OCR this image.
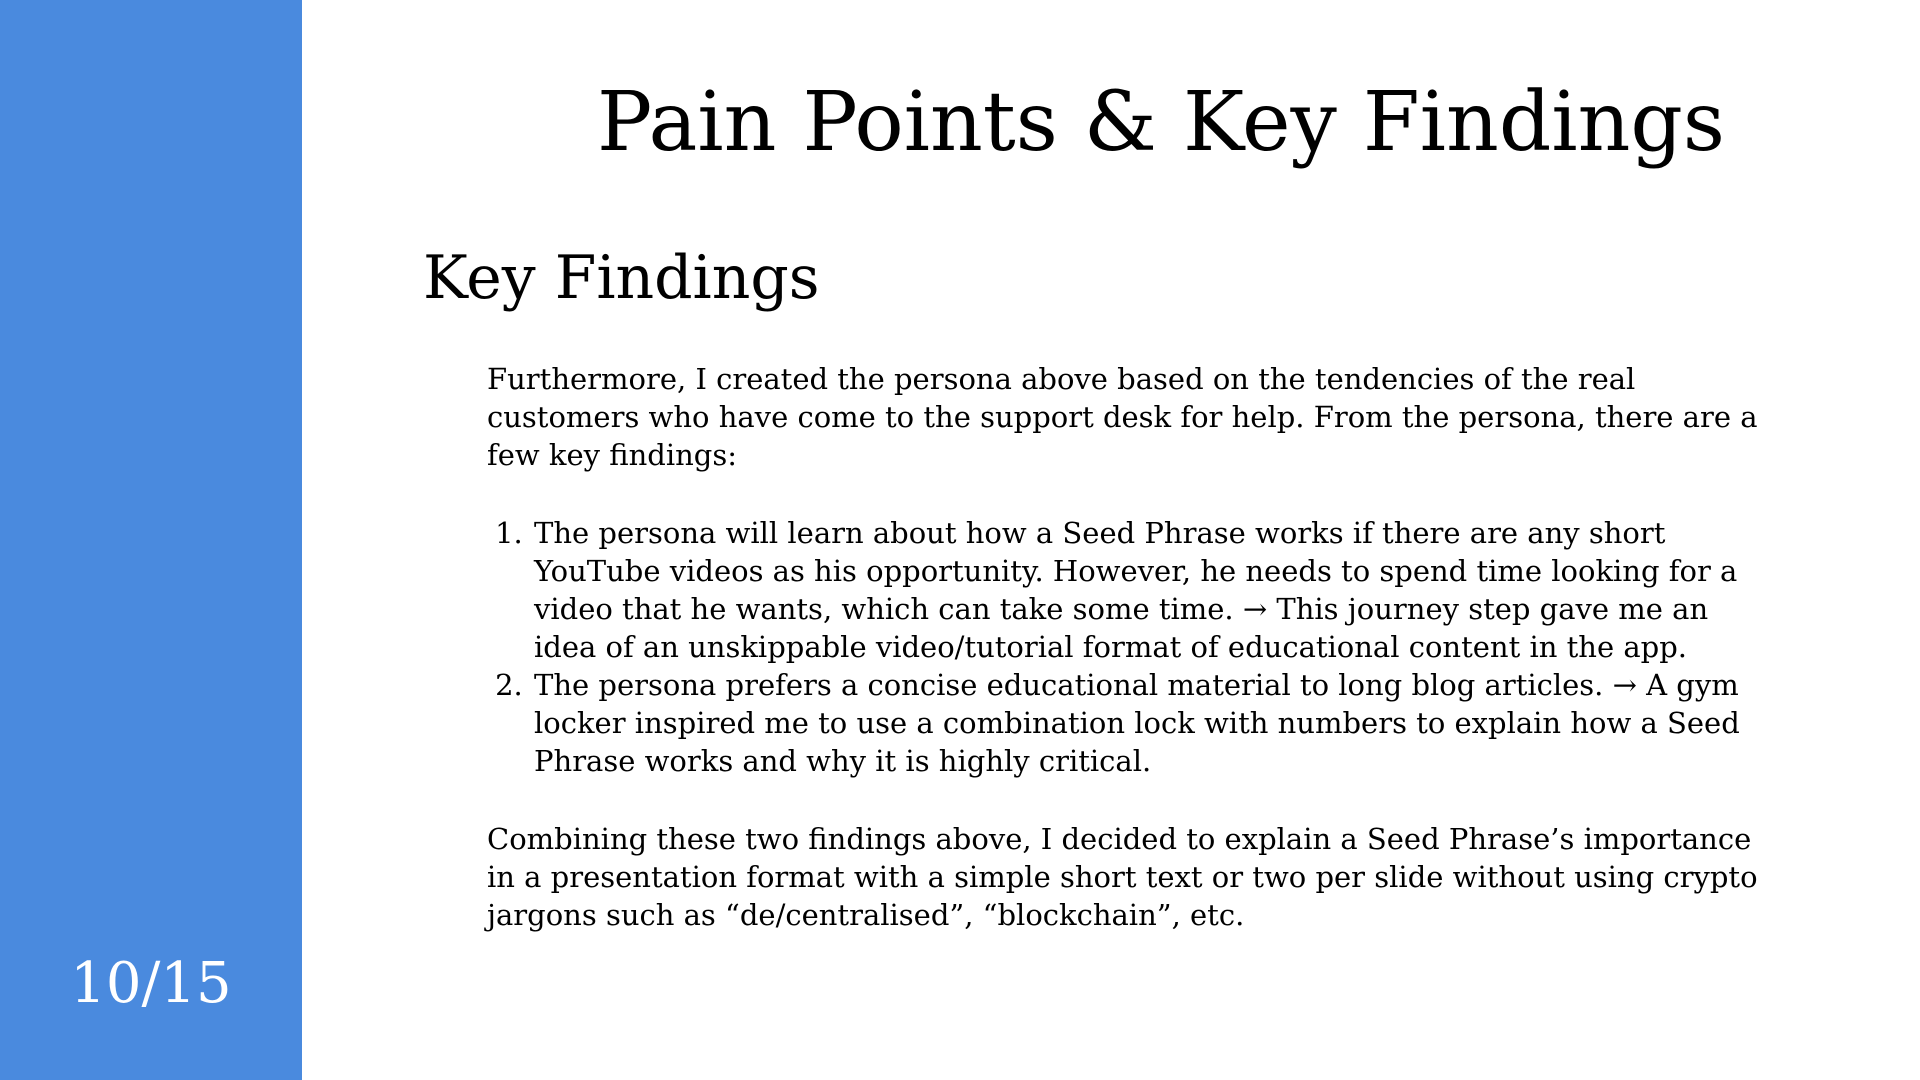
10/15
Pain Points & Key Findings
Key Findings

Furthermore, I created the persona above based on the tendencies of the real customers who have come to the support desk for help. From the persona, there are a few key findings:

1. The persona will learn about how a Seed Phrase works if there are any short YouTube videos as his opportunity. However, he needs to spend time looking for a video that he wants, which can take some time. → This journey step gave me an idea of an unskippable video/tutorial format of educational content in the app.
2. The persona prefers a concise educational material to long blog articles. → A gym locker inspired me to use a combination lock with numbers to explain how a Seed Phrase works and why it is highly critical.

Combining these two findings above, I decided to explain a Seed Phrase’s importance in a presentation format with a simple short text or two per slide without using crypto jargons such as “de/centralised”, “blockchain”, etc.
